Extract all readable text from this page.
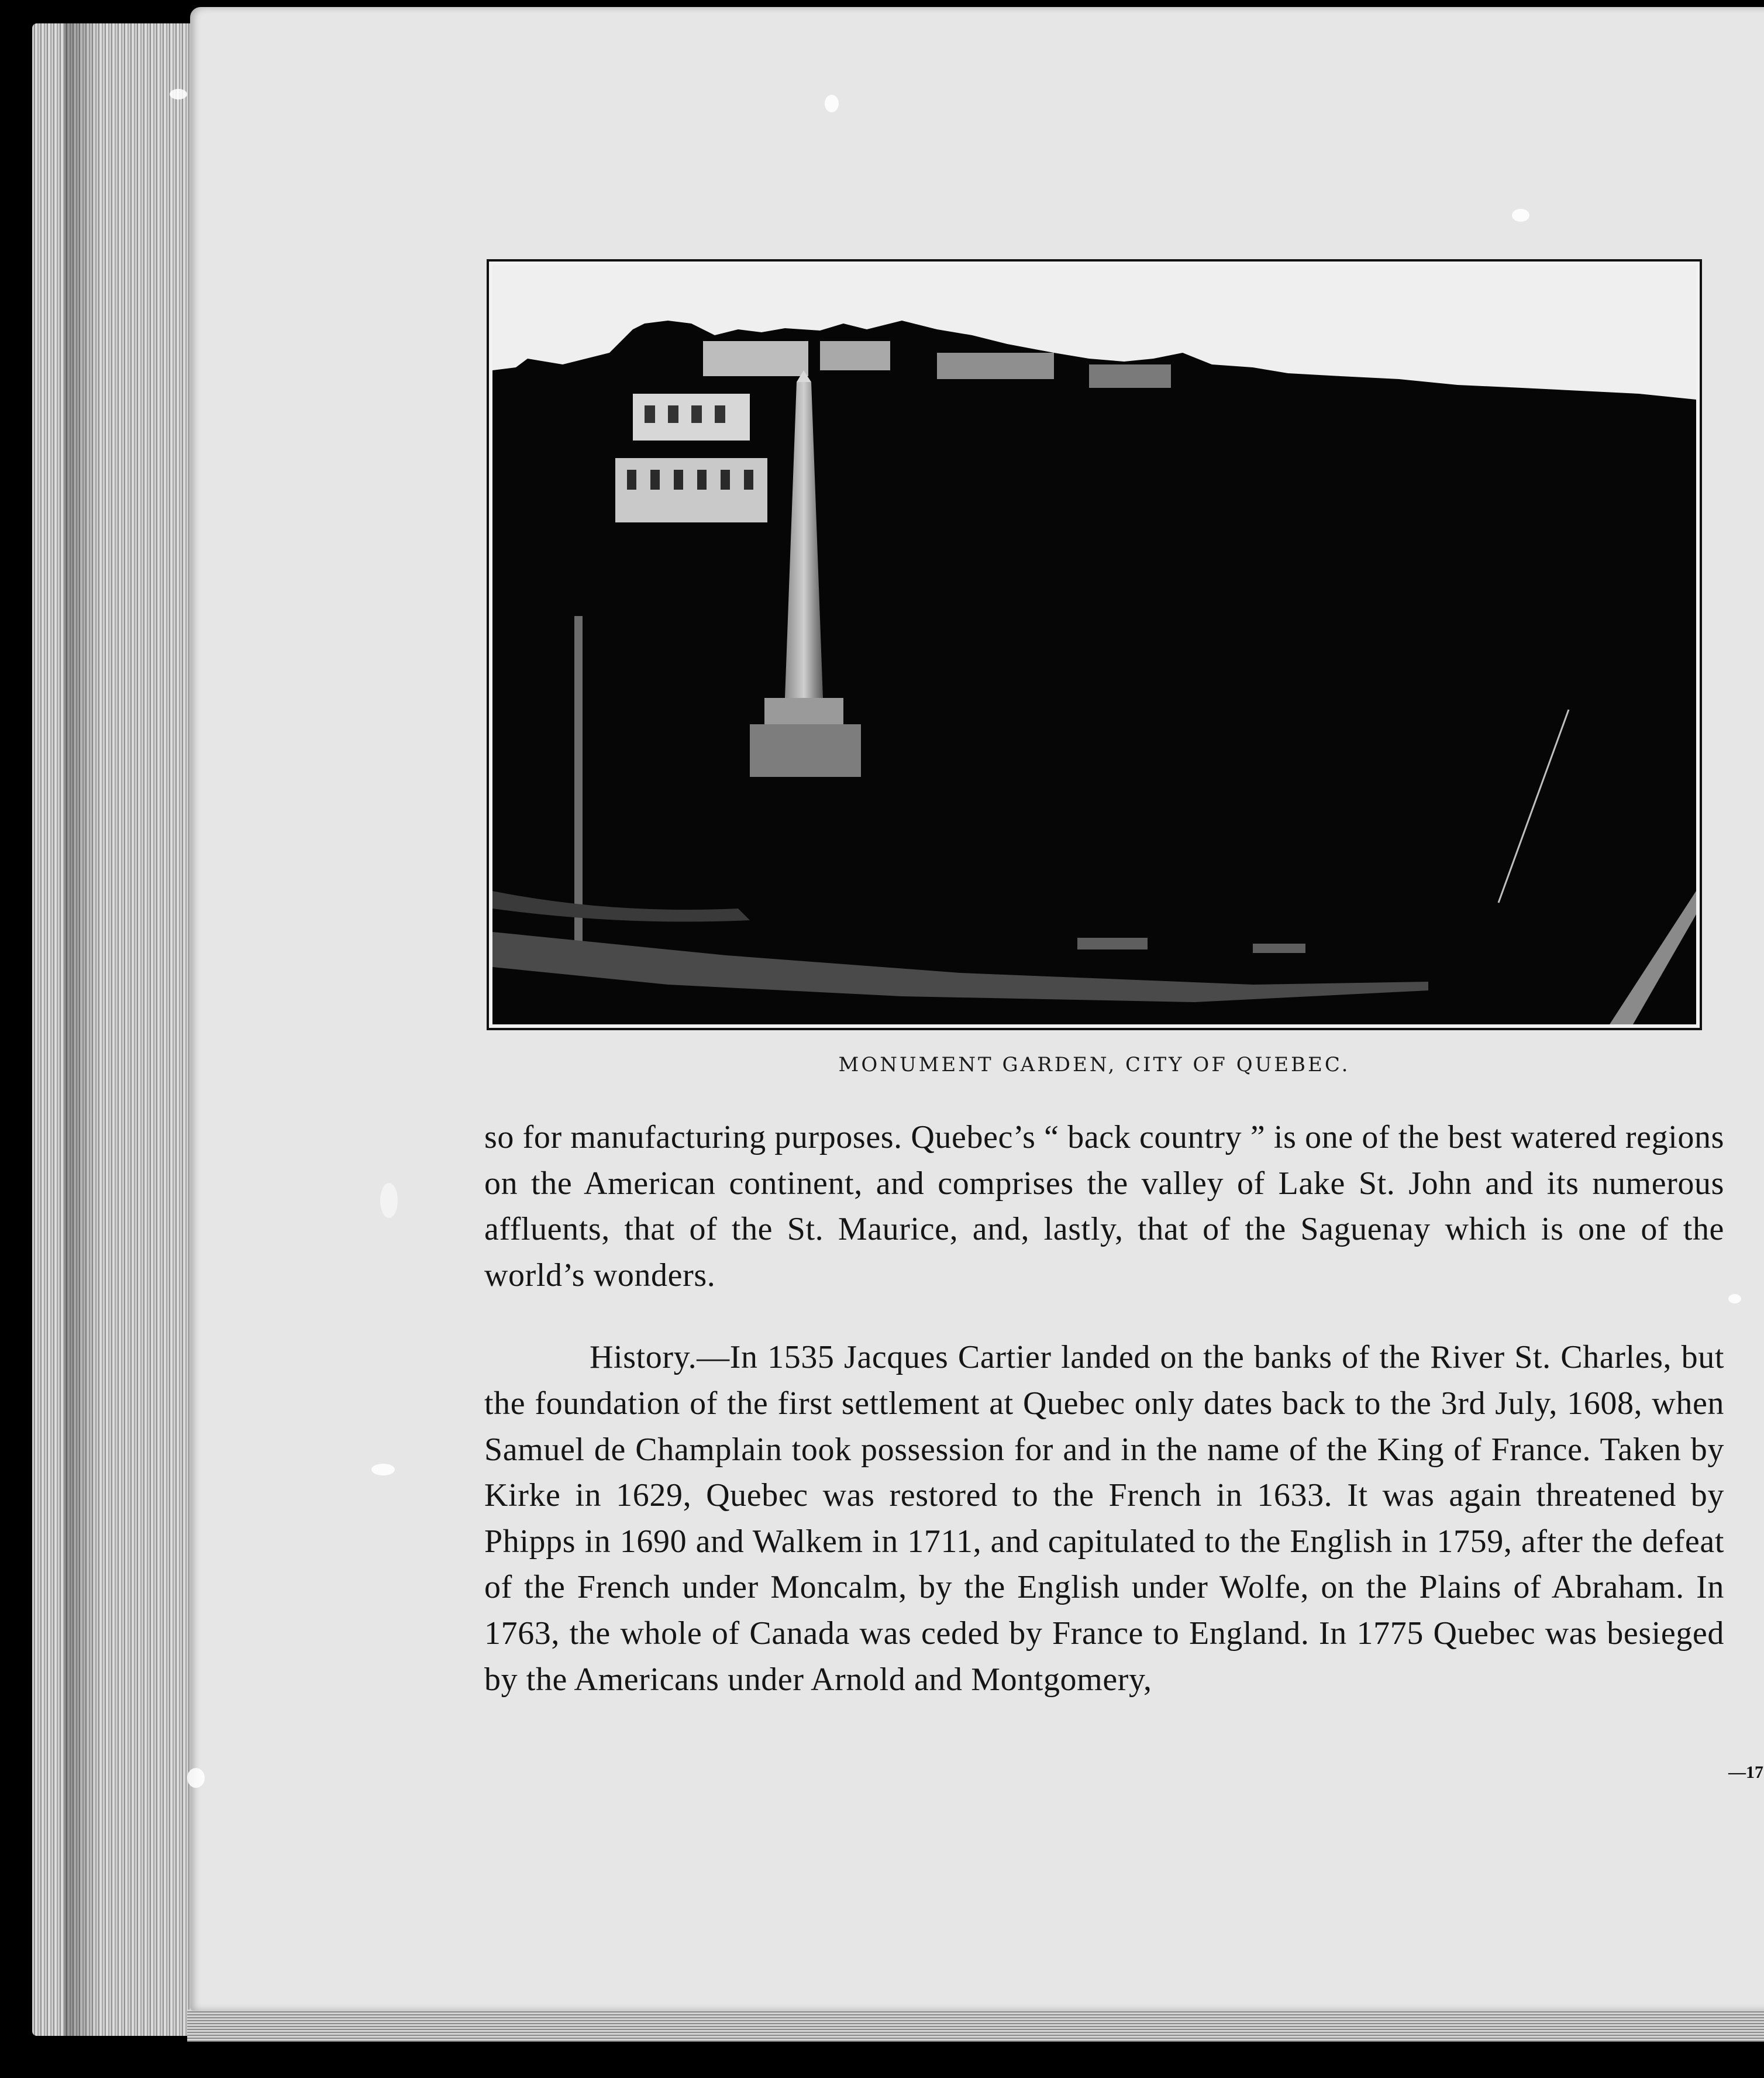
MONUMENT GARDEN, CITY OF QUEBEC.

so for manufacturing purposes. Quebec’s “ back country ” is one of the best watered regions on the American continent, and comprises the valley of Lake St. John and its numerous affluents, that of the St. Maurice, and, lastly, that of the Saguenay which is one of the world’s wonders.

History.—In 1535 Jacques Cartier landed on the banks of the River St. Charles, but the foundation of the first settlement at Quebec only dates back to the 3rd July, 1608, when Samuel de Champlain took possession for and in the name of the King of France. Taken by Kirke in 1629, Quebec was restored to the French in 1633. It was again threatened by Phipps in 1690 and Walkem in 1711, and capitulated to the English in 1759, after the defeat of the French under Moncalm, by the English under Wolfe, on the Plains of Abraham. In 1763, the whole of Canada was ceded by France to England. In 1775 Quebec was besieged by the Americans under Arnold and Montgomery,

—17
